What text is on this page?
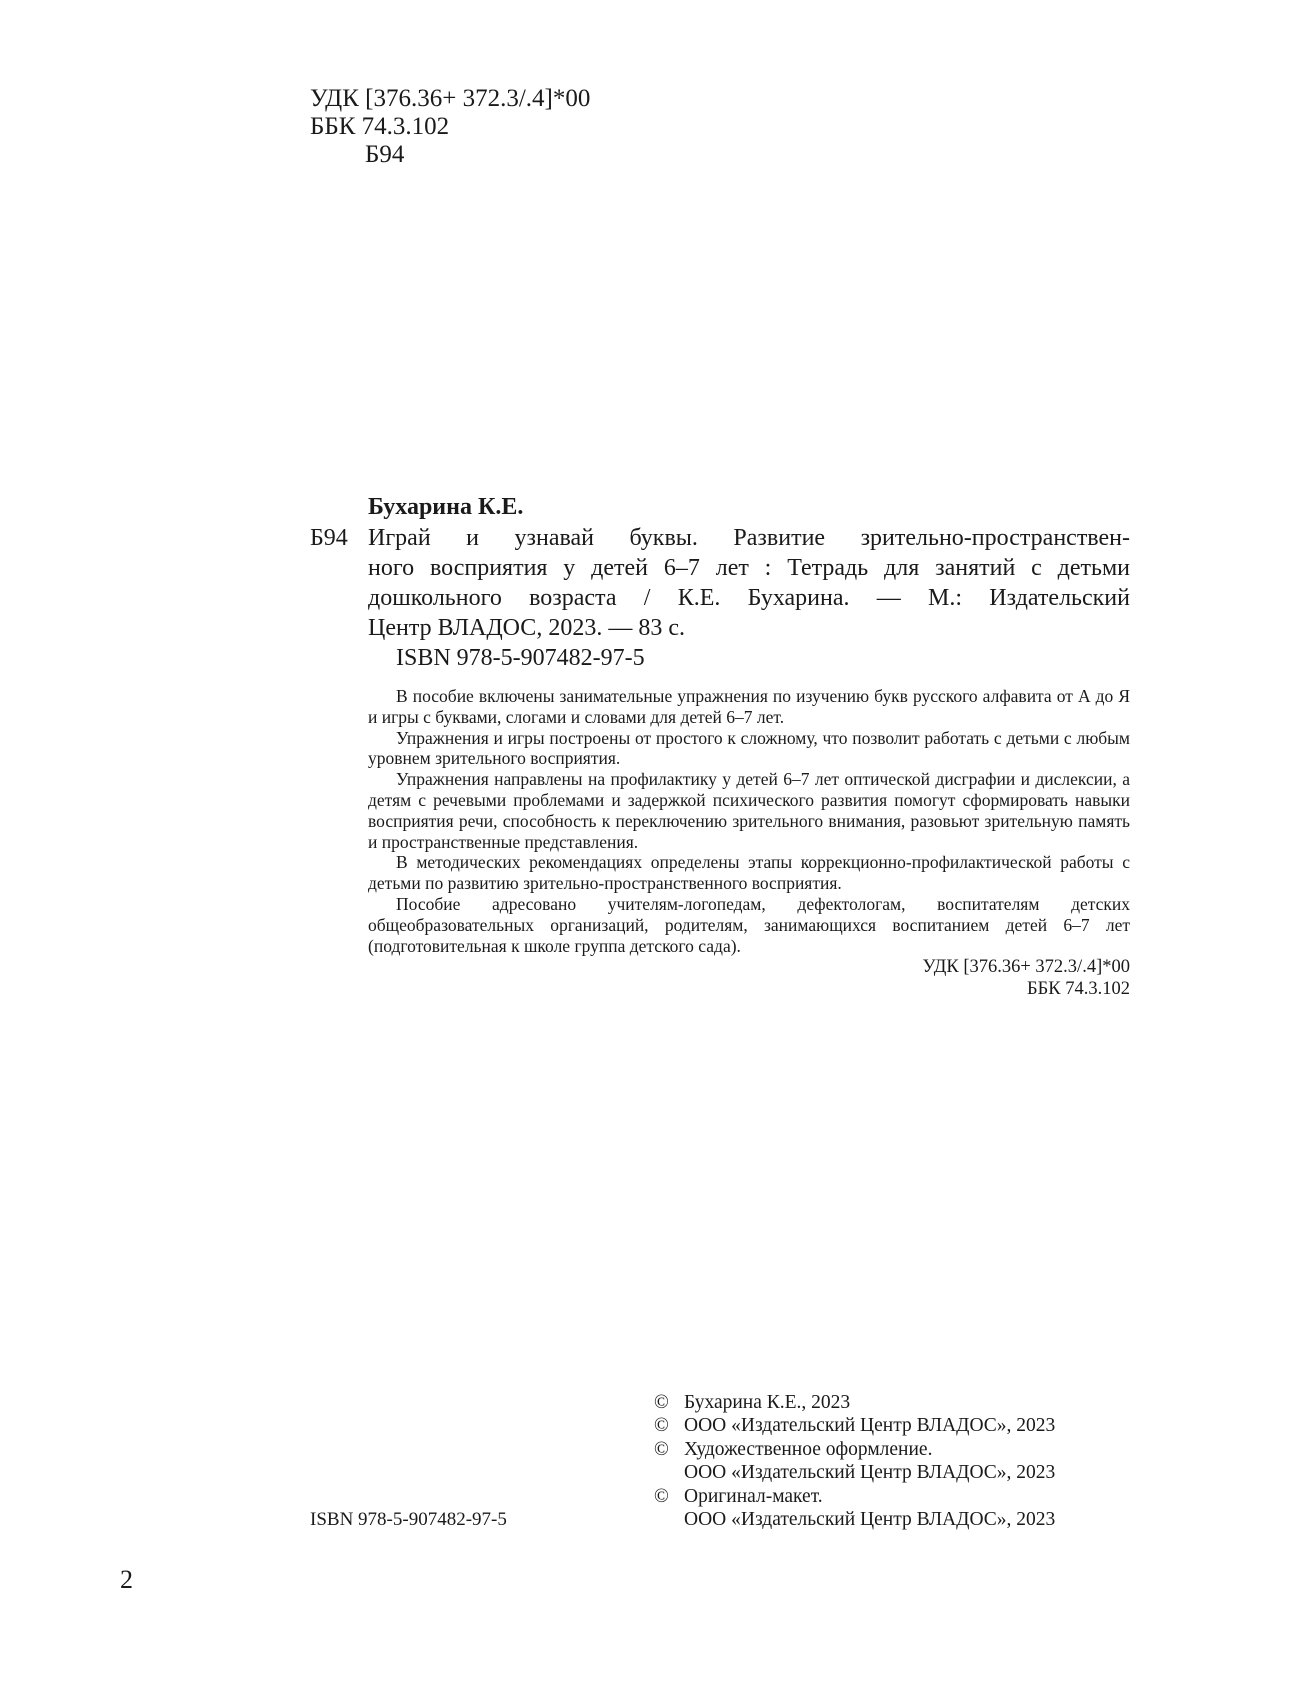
УДК [376.36+ 372.3/.4]*00
ББК 74.3.102
Б94
Бухарина К.Е.
Б94 Играй и узнавай буквы. Развитие зрительно-пространствен-
ного восприятия у детей 6–7 лет : Тетрадь для занятий с детьми
дошкольного возраста / К.Е. Бухарина. — М.: Издательский
Центр ВЛАДОС, 2023. — 83 с.
ISBN 978-5-907482-97-5

В пособие включены занимательные упражнения по изучению букв русского алфавита от А до Я и игры с буквами, слогами и словами для детей 6–7 лет.

Упражнения и игры построены от простого к сложному, что позволит работать с детьми с любым уровнем зрительного восприятия.

Упражнения направлены на профилактику у детей 6–7 лет оптической дисграфии и дислексии, а детям с речевыми проблемами и задержкой психического развития помогут сформировать навыки восприятия речи, способность к переключению зрительного внимания, разовьют зрительную память и пространственные представления.

В методических рекомендациях определены этапы коррекционно-профилактической работы с детьми по развитию зрительно-пространственного восприятия.

Пособие адресовано учителям-логопедам, дефектологам, воспитателям детских общеобразовательных организаций, родителям, занимающихся воспитанием детей 6–7 лет (подготовительная к школе группа детского сада).

УДК [376.36+ 372.3/.4]*00
ББК 74.3.102
© Бухарина К.Е., 2023
© ООО «Издательский Центр ВЛАДОС», 2023
© Художественное оформление.
ООО «Издательский Центр ВЛАДОС», 2023
© Оригинал-макет.
ООО «Издательский Центр ВЛАДОС», 2023
ISBN 978-5-907482-97-5
2
